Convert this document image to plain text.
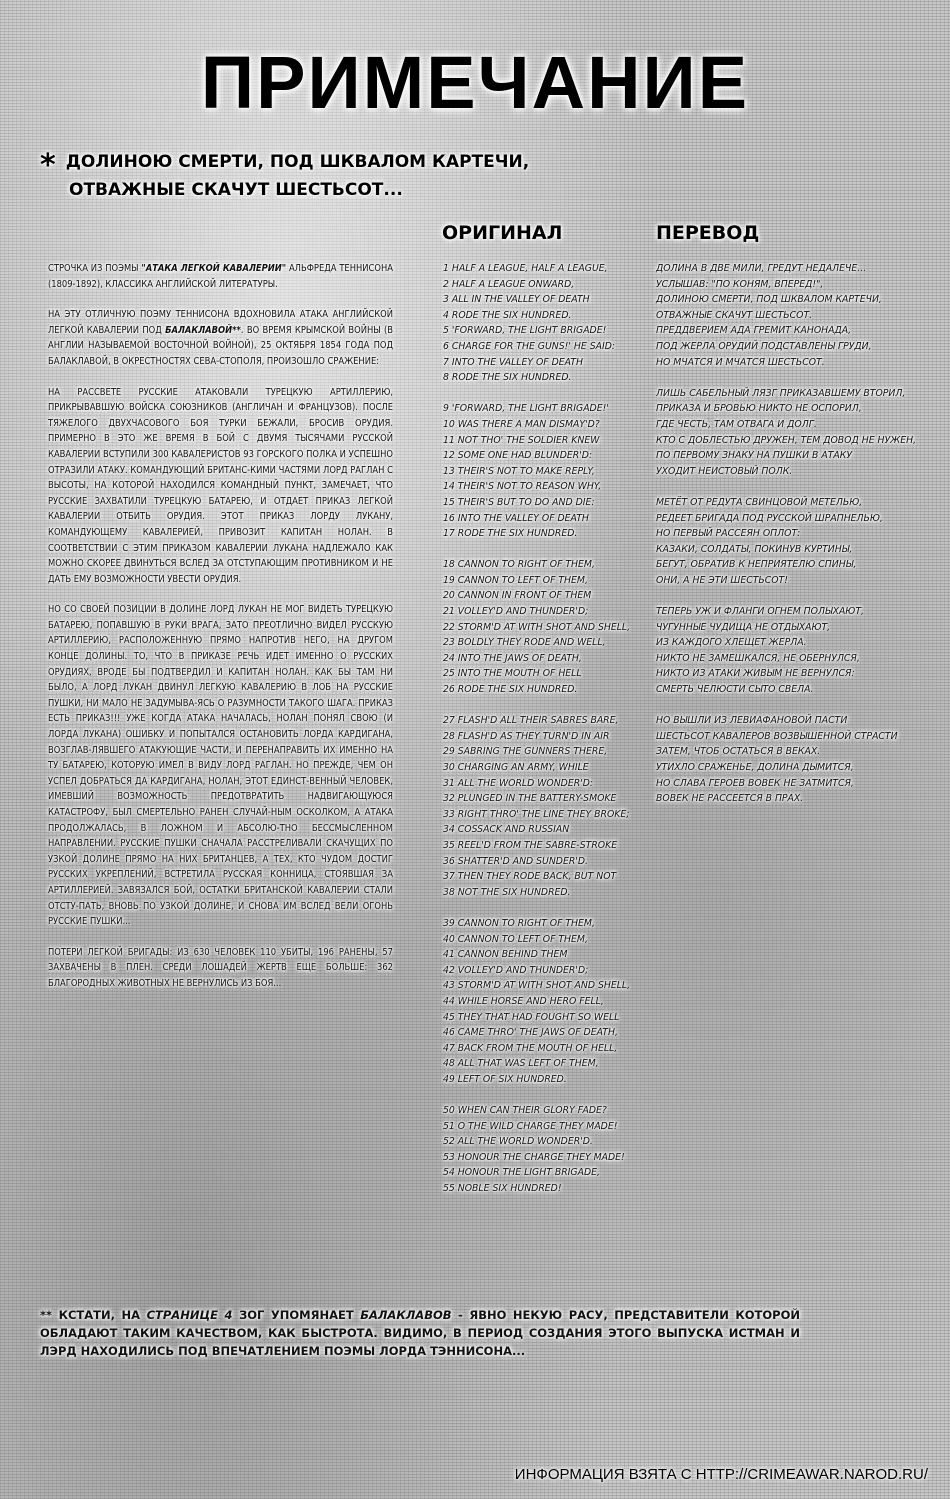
ПРИМЕЧАНИЕ
* ДОЛИНОЮ СМЕРТИ, ПОД ШКВАЛОМ КАРТЕЧИ,
ОТВАЖНЫЕ СКАЧУТ ШЕСТЬСОТ...
ОРИГИНАЛ	ПЕРЕВОД

СТРОЧКА ИЗ ПОЭМЫ "АТАКА ЛЕГКОЙ КАВАЛЕРИИ" АЛЬФРЕДА ТЕННИСОНА (1809-1892), КЛАССИКА АНГЛИЙСКОЙ ЛИТЕРАТУРЫ.

НА ЭТУ ОТЛИЧНУЮ ПОЭМУ ТЕННИСОНА ВДОХНОВИЛА АТАКА АНГЛИЙСКОЙ ЛЕГКОЙ КАВАЛЕРИИ ПОД БАЛАКЛАВОЙ**. ВО ВРЕМЯ КРЫМСКОЙ ВОЙНЫ (В АНГЛИИ НАЗЫВАЕМОЙ ВОСТОЧНОЙ ВОЙНОЙ), 25 ОКТЯБРЯ 1854 ГОДА ПОД БАЛАКЛАВОЙ, В ОКРЕСТНОСТЯХ СЕВА-СТОПОЛЯ, ПРОИЗОШЛО СРАЖЕНИЕ:

НА РАССВЕТЕ РУССКИЕ АТАКОВАЛИ ТУРЕЦКУЮ АРТИЛЛЕРИЮ, ПРИКРЫВАВШУЮ ВОЙСКА СОЮЗНИКОВ (АНГЛИЧАН И ФРАНЦУЗОВ). ПОСЛЕ ТЯЖЕЛОГО ДВУХЧАСОВОГО БОЯ ТУРКИ БЕЖАЛИ, БРОСИВ ОРУДИЯ. ПРИМЕРНО В ЭТО ЖЕ ВРЕМЯ В БОЙ С ДВУМЯ ТЫСЯЧАМИ РУССКОЙ КАВАЛЕРИИ ВСТУПИЛИ 300 КАВАЛЕРИСТОВ 93 ГОРСКОГО ПОЛКА И УСПЕШНО ОТРАЗИЛИ АТАКУ. КОМАНДУЮЩИЙ БРИТАНС-КИМИ ЧАСТЯМИ ЛОРД РАГЛАН С ВЫСОТЫ, НА КОТОРОЙ НАХОДИЛСЯ КОМАНДНЫЙ ПУНКТ, ЗАМЕЧАЕТ, ЧТО РУССКИЕ ЗАХВАТИЛИ ТУРЕЦКУЮ БАТАРЕЮ, И ОТДАЕТ ПРИКАЗ ЛЕГКОЙ КАВАЛЕРИИ ОТБИТЬ ОРУДИЯ. ЭТОТ ПРИКАЗ ЛОРДУ ЛУКАНУ, КОМАНДУЮЩЕМУ КАВАЛЕРИЕЙ, ПРИВОЗИТ КАПИТАН НОЛАН. В СООТВЕТСТВИИ С ЭТИМ ПРИКАЗОМ КАВАЛЕРИИ ЛУКАНА НАДЛЕЖАЛО КАК МОЖНО СКОРЕЕ ДВИНУТЬСЯ ВСЛЕД ЗА ОТСТУПАЮЩИМ ПРОТИВНИКОМ И НЕ ДАТЬ ЕМУ ВОЗМОЖНОСТИ УВЕСТИ ОРУДИЯ.

НО СО СВОЕЙ ПОЗИЦИИ В ДОЛИНЕ ЛОРД ЛУКАН НЕ МОГ ВИДЕТЬ ТУРЕЦКУЮ БАТАРЕЮ, ПОПАВШУЮ В РУКИ ВРАГА, ЗАТО ПРЕОТЛИЧНО ВИДЕЛ РУССКУЮ АРТИЛЛЕРИЮ, РАСПОЛОЖЕННУЮ ПРЯМО НАПРОТИВ НЕГО, НА ДРУГОМ КОНЦЕ ДОЛИНЫ. ТО, ЧТО В ПРИКАЗЕ РЕЧЬ ИДЕТ ИМЕННО О РУССКИХ ОРУДИЯХ, ВРОДЕ БЫ ПОДТВЕРДИЛ И КАПИТАН НОЛАН. КАК БЫ ТАМ НИ БЫЛО, А ЛОРД ЛУКАН ДВИНУЛ ЛЕГКУЮ КАВАЛЕРИЮ В ЛОБ НА РУССКИЕ ПУШКИ, НИ МАЛО НЕ ЗАДУМЫВА-ЯСЬ О РАЗУМНОСТИ ТАКОГО ШАГА. ПРИКАЗ ЕСТЬ ПРИКАЗ!!! УЖЕ КОГДА АТАКА НАЧАЛАСЬ, НОЛАН ПОНЯЛ СВОЮ (И ЛОРДА ЛУКАНА) ОШИБКУ И ПОПЫТАЛСЯ ОСТАНОВИТЬ ЛОРДА КАРДИГАНА, ВОЗГЛАВ-ЛЯВШЕГО АТАКУЮЩИЕ ЧАСТИ, И ПЕРЕНАПРАВИТЬ ИХ ИМЕННО НА ТУ БАТАРЕЮ, КОТОРУЮ ИМЕЛ В ВИДУ ЛОРД РАГЛАН. НО ПРЕЖДЕ, ЧЕМ ОН УСПЕЛ ДОБРАТЬСЯ ДА КАРДИГАНА, НОЛАН, ЭТОТ ЕДИНСТ-ВЕННЫЙ ЧЕЛОВЕК, ИМЕВШИЙ ВОЗМОЖНОСТЬ ПРЕДОТВРАТИТЬ НАДВИГАЮЩУЮСЯ КАТАСТРОФУ, БЫЛ СМЕРТЕЛЬНО РАНЕН СЛУЧАЙ-НЫМ ОСКОЛКОМ, А АТАКА ПРОДОЛЖАЛАСЬ, В ЛОЖНОМ И АБСОЛЮ-ТНО БЕССМЫСЛЕННОМ НАПРАВЛЕНИИ. РУССКИЕ ПУШКИ СНАЧАЛА РАССТРЕЛИВАЛИ СКАЧУЩИХ ПО УЗКОЙ ДОЛИНЕ ПРЯМО НА НИХ БРИТАНЦЕВ, А ТЕХ, КТО ЧУДОМ ДОСТИГ РУССКИХ УКРЕПЛЕНИЙ, ВСТРЕТИЛА РУССКАЯ КОННИЦА, СТОЯВШАЯ ЗА АРТИЛЛЕРИЕЙ. ЗАВЯЗАЛСЯ БОЙ, ОСТАТКИ БРИТАНСКОЙ КАВАЛЕРИИ СТАЛИ ОТСТУ-ПАТЬ, ВНОВЬ ПО УЗКОЙ ДОЛИНЕ, И СНОВА ИМ ВСЛЕД ВЕЛИ ОГОНЬ РУССКИЕ ПУШКИ...

ПОТЕРИ ЛЕГКОЙ БРИГАДЫ: ИЗ 630 ЧЕЛОВЕК 110 УБИТЫ, 196 РАНЕНЫ, 57 ЗАХВАЧЕНЫ В ПЛЕН. СРЕДИ ЛОШАДЕЙ ЖЕРТВ ЕЩЕ БОЛЬШЕ: 362 БЛАГОРОДНЫХ ЖИВОТНЫХ НЕ ВЕРНУЛИСЬ ИЗ БОЯ...

1 HALF A LEAGUE, HALF A LEAGUE,
2 HALF A LEAGUE ONWARD,
3 ALL IN THE VALLEY OF DEATH
4 RODE THE SIX HUNDRED.
5 'FORWARD, THE LIGHT BRIGADE!
6 CHARGE FOR THE GUNS!' HE SAID:
7 INTO THE VALLEY OF DEATH
8 RODE THE SIX HUNDRED.
9 'FORWARD, THE LIGHT BRIGADE!'
10 WAS THERE A MAN DISMAY'D?
11 NOT THO' THE SOLDIER KNEW
12 SOME ONE HAD BLUNDER'D:
13 THEIR'S NOT TO MAKE REPLY,
14 THEIR'S NOT TO REASON WHY,
15 THEIR'S BUT TO DO AND DIE:
16 INTO THE VALLEY OF DEATH
17 RODE THE SIX HUNDRED.
18 CANNON TO RIGHT OF THEM,
19 CANNON TO LEFT OF THEM,
20 CANNON IN FRONT OF THEM
21 VOLLEY'D AND THUNDER'D;
22 STORM'D AT WITH SHOT AND SHELL,
23 BOLDLY THEY RODE AND WELL,
24 INTO THE JAWS OF DEATH,
25 INTO THE MOUTH OF HELL
26 RODE THE SIX HUNDRED.
27 FLASH'D ALL THEIR SABRES BARE,
28 FLASH'D AS THEY TURN'D IN AIR
29 SABRING THE GUNNERS THERE,
30 CHARGING AN ARMY, WHILE
31 ALL THE WORLD WONDER'D:
32 PLUNGED IN THE BATTERY-SMOKE
33 RIGHT THRO' THE LINE THEY BROKE;
34 COSSACK AND RUSSIAN
35 REEL'D FROM THE SABRE-STROKE
36 SHATTER'D AND SUNDER'D.
37 THEN THEY RODE BACK, BUT NOT
38 NOT THE SIX HUNDRED.
39 CANNON TO RIGHT OF THEM,
40 CANNON TO LEFT OF THEM,
41 CANNON BEHIND THEM
42 VOLLEY'D AND THUNDER'D;
43 STORM'D AT WITH SHOT AND SHELL,
44 WHILE HORSE AND HERO FELL,
45 THEY THAT HAD FOUGHT SO WELL
46 CAME THRO' THE JAWS OF DEATH,
47 BACK FROM THE MOUTH OF HELL,
48 ALL THAT WAS LEFT OF THEM,
49 LEFT OF SIX HUNDRED.
50 WHEN CAN THEIR GLORY FADE?
51 O THE WILD CHARGE THEY MADE!
52 ALL THE WORLD WONDER'D.
53 HONOUR THE CHARGE THEY MADE!
54 HONOUR THE LIGHT BRIGADE,
55 NOBLE SIX HUNDRED!
ДОЛИНА В ДВЕ МИЛИ, ГРЕДУТ НЕДАЛЕЧЕ...
УСЛЫШАВ: "ПО КОНЯМ, ВПЕРЕД!",
ДОЛИНОЮ СМЕРТИ, ПОД ШКВАЛОМ КАРТЕЧИ,
ОТВАЖНЫЕ СКАЧУТ ШЕСТЬСОТ.
ПРЕДДВЕРИЕМ АДА ГРЕМИТ КАНОНАДА,
ПОД ЖЕРЛА ОРУДИЙ ПОДСТАВЛЕНЫ ГРУДИ,
НО МЧАТСЯ И МЧАТСЯ ШЕСТЬСОТ.
ЛИШЬ САБЕЛЬНЫЙ ЛЯЗГ ПРИКАЗАВШЕМУ ВТОРИЛ,
ПРИКАЗА И БРОВЬЮ НИКТО НЕ ОСПОРИЛ,
ГДЕ ЧЕСТЬ, ТАМ ОТВАГА И ДОЛГ.
КТО С ДОБЛЕСТЬЮ ДРУЖЕН, ТЕМ ДОВОД НЕ НУЖЕН,
ПО ПЕРВОМУ ЗНАКУ НА ПУШКИ В АТАКУ
УХОДИТ НЕИСТОВЫЙ ПОЛК.
МЕТЁТ ОТ РЕДУТА СВИНЦОВОЙ МЕТЕЛЬЮ,
РЕДЕЕТ БРИГАДА ПОД РУССКОЙ ШРАПНЕЛЬЮ,
НО ПЕРВЫЙ РАССЕЯН ОПЛОТ:
КАЗАКИ, СОЛДАТЫ, ПОКИНУВ КУРТИНЫ,
БЕГУТ, ОБРАТИВ К НЕПРИЯТЕЛЮ СПИНЫ,
ОНИ, А НЕ ЭТИ ШЕСТЬСОТ!
ТЕПЕРЬ УЖ И ФЛАНГИ ОГНЕМ ПОЛЫХАЮТ,
ЧУГУННЫЕ ЧУДИЩА НЕ ОТДЫХАЮТ,
ИЗ КАЖДОГО ХЛЕЩЕТ ЖЕРЛА.
НИКТО НЕ ЗАМЕШКАЛСЯ, НЕ ОБЕРНУЛСЯ,
НИКТО ИЗ АТАКИ ЖИВЫМ НЕ ВЕРНУЛСЯ:
СМЕРТЬ ЧЕЛЮСТИ СЫТО СВЕЛА.
НО ВЫШЛИ ИЗ ЛЕВИАФАНОВОЙ ПАСТИ
ШЕСТЬСОТ КАВАЛЕРОВ ВОЗВЫШЕННОЙ СТРАСТИ
ЗАТЕМ, ЧТОБ ОСТАТЬСЯ В ВЕКАХ.
УТИХЛО СРАЖЕНЬЕ, ДОЛИНА ДЫМИТСЯ,
НО СЛАВА ГЕРОЕВ ВОВЕК НЕ ЗАТМИТСЯ,
ВОВЕК НЕ РАССЕЕТСЯ В ПРАХ.
** КСТАТИ, НА СТРАНИЦЕ 4 ЗОГ УПОМЯНАЕТ БАЛАКЛАВОВ - ЯВНО НЕКУЮ РАСУ, ПРЕДСТАВИТЕЛИ КОТОРОЙ ОБЛАДАЮТ ТАКИМ КАЧЕСТВОМ, КАК БЫСТРОТА. ВИДИМО, В ПЕРИОД СОЗДАНИЯ ЭТОГО ВЫПУСКА ИСТМАН И ЛЭРД НАХОДИЛИСЬ ПОД ВПЕЧАТЛЕНИЕМ ПОЭМЫ ЛОРДА ТЭННИСОНА...
ИНФОРМАЦИЯ ВЗЯТА С HTTP://CRIMEAWAR.NAROD.RU/
